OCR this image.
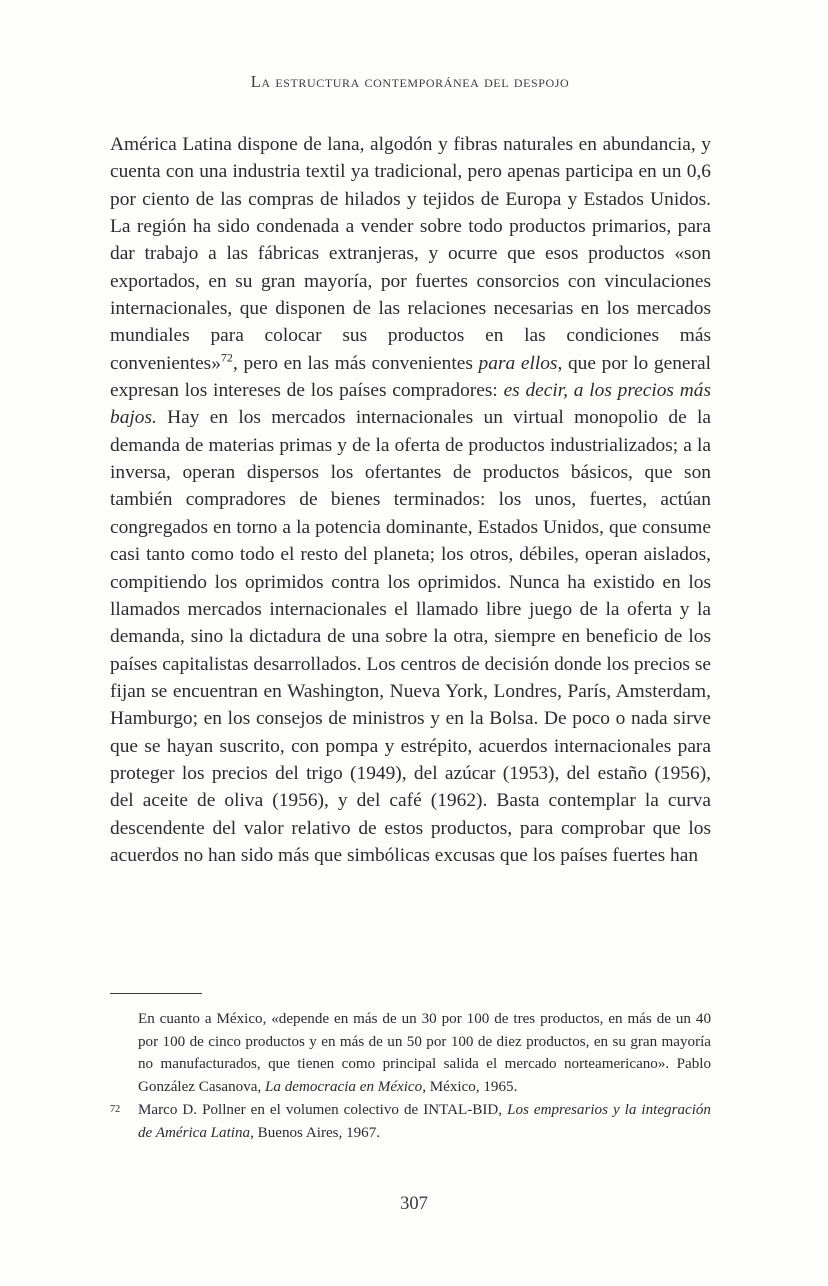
La estructura contemporánea del despojo

América Latina dispone de lana, algodón y fibras naturales en abundancia, y cuenta con una industria textil ya tradicional, pero apenas participa en un 0,6 por ciento de las compras de hilados y tejidos de Europa y Estados Unidos. La región ha sido condenada a vender sobre todo productos primarios, para dar trabajo a las fábricas extranjeras, y ocurre que esos productos «son exportados, en su gran mayoría, por fuertes consorcios con vinculaciones internacionales, que disponen de las relaciones necesarias en los mercados mundiales para colocar sus productos en las condiciones más convenientes»$^{72}$, pero en las más convenientes para ellos, que por lo general expresan los intereses de los países compradores: es decir, a los precios más bajos. Hay en los mercados internacionales un virtual monopolio de la demanda de materias primas y de la oferta de productos industrializados; a la inversa, operan dispersos los ofertantes de productos básicos, que son también compradores de bienes terminados: los unos, fuertes, actúan congregados en torno a la potencia dominante, Estados Unidos, que consume casi tanto como todo el resto del planeta; los otros, débiles, operan aislados, compitiendo los oprimidos contra los oprimidos. Nunca ha existido en los llamados mercados internacionales el llamado libre juego de la oferta y la demanda, sino la dictadura de una sobre la otra, siempre en beneficio de los países capitalistas desarrollados. Los centros de decisión donde los precios se fijan se encuentran en Washington, Nueva York, Londres, París, Amsterdam, Hamburgo; en los consejos de ministros y en la Bolsa. De poco o nada sirve que se hayan suscrito, con pompa y estrépito, acuerdos internacionales para proteger los precios del trigo (1949), del azúcar (1953), del estaño (1956), del aceite de oliva (1956), y del café (1962). Basta contemplar la curva descendente del valor relativo de estos productos, para comprobar que los acuerdos no han sido más que simbólicas excusas que los países fuertes han

En cuanto a México, «depende en más de un 30 por 100 de tres productos, en más de un 40 por 100 de cinco productos y en más de un 50 por 100 de diez productos, en su gran mayoría no manufacturados, que tienen como principal salida el mercado norteamericano». Pablo González Casanova, La democracia en México, México, 1965.

72	Marco D. Pollner en el volumen colectivo de INTAL-BID, Los empresarios y la integración de América Latina, Buenos Aires, 1967.

307
